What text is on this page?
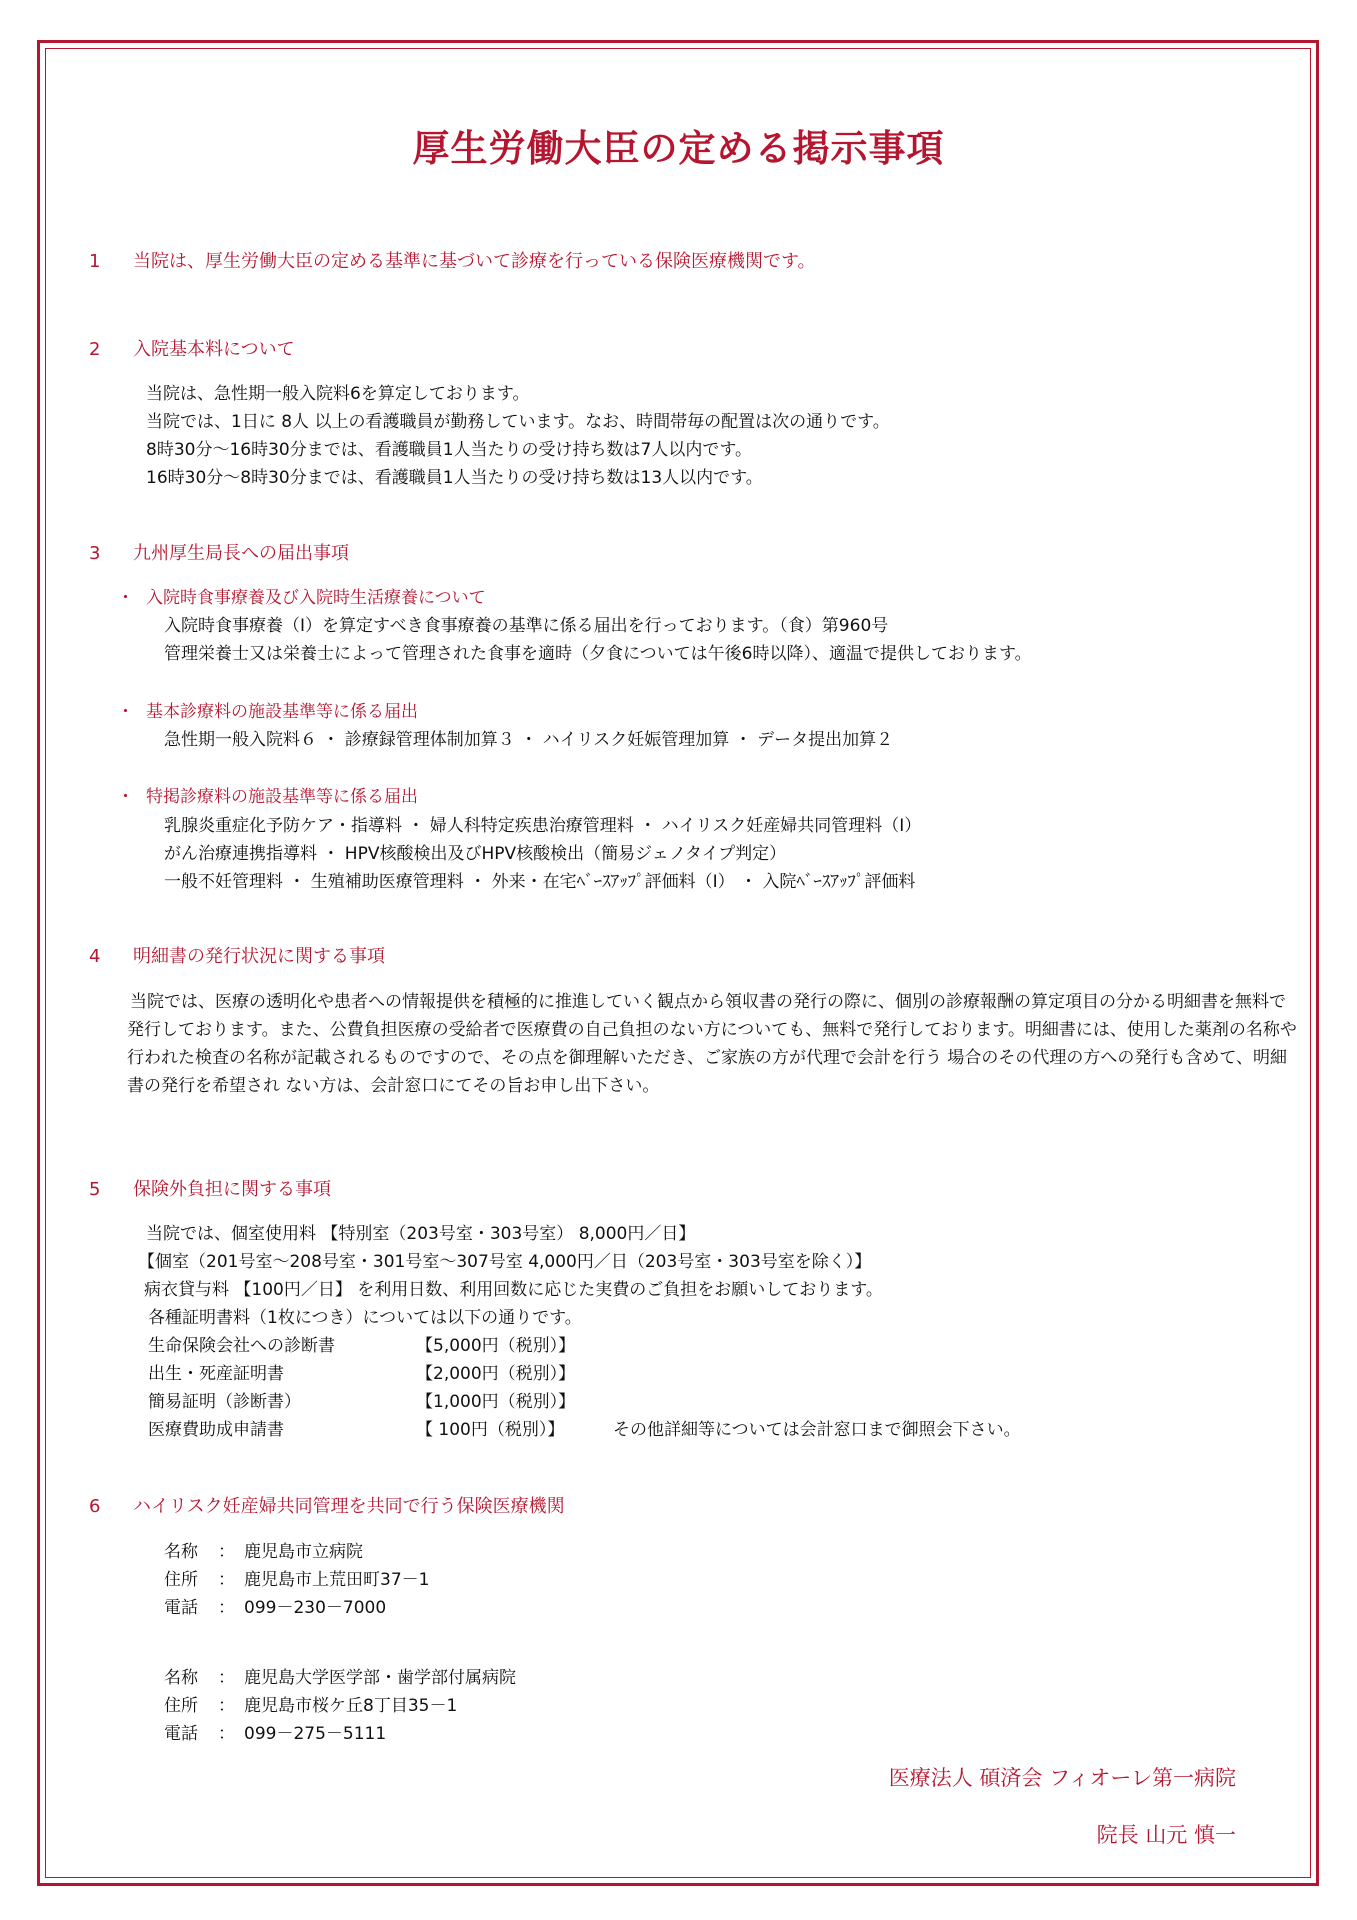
厚生労働大臣の定める掲示事項
1 当院は、厚生労働大臣の定める基準に基づいて診療を行っている保険医療機関です。
2 入院基本料について
当院は、急性期一般入院料6を算定しております。
当院では、1日に 8人 以上の看護職員が勤務しています。なお、時間帯毎の配置は次の通りです。
8時30分～16時30分までは、看護職員1人当たりの受け持ち数は7人以内です。
16時30分～8時30分までは、看護職員1人当たりの受け持ち数は13人以内です。
3 九州厚生局長への届出事項
・ 入院時食事療養及び入院時生活療養について
入院時食事療養（Ⅰ）を算定すべき食事療養の基準に係る届出を行っております。（食）第960号
管理栄養士又は栄養士によって管理された食事を適時（夕食については午後6時以降）、適温で提供しております。
・ 基本診療料の施設基準等に係る届出
急性期一般入院料６ ・ 診療録管理体制加算３ ・ ハイリスク妊娠管理加算 ・ データ提出加算２
・ 特掲診療料の施設基準等に係る届出
乳腺炎重症化予防ケア・指導料 ・ 婦人科特定疾患治療管理料 ・ ハイリスク妊産婦共同管理料（Ⅰ）
がん治療連携指導料 ・ HPV核酸検出及びHPV核酸検出（簡易ジェノタイプ判定）
一般不妊管理料 ・ 生殖補助医療管理料 ・ 外来・在宅ﾍﾞｰｽｱｯﾌﾟ評価料（Ⅰ） ・ 入院ﾍﾞｰｽｱｯﾌﾟ評価料
4 明細書の発行状況に関する事項
当院では、医療の透明化や患者への情報提供を積極的に推進していく観点から領収書の発行の際に、個別の診療報酬の算定項目の分かる明細書を無料で発行しております。また、公費負担医療の受給者で医療費の自己負担のない方についても、無料で発行しております。明細書には、使用した薬剤の名称や行われた検査の名称が記載されるものですので、その点を御理解いただき、ご家族の方が代理で会計を行う 場合のその代理の方への発行も含めて、明細書の発行を希望され ない方は、会計窓口にてその旨お申し出下さい。
5 保険外負担に関する事項
当院では、個室使用料 【特別室（203号室・303号室） 8,000円／日】
【個室（201号室～208号室・301号室～307号室 4,000円／日（203号室・303号室を除く）】
病衣貸与料 【100円／日】 を利用日数、利用回数に応じた実費のご負担をお願いしております。
各種証明書料（1枚につき）については以下の通りです。
生命保険会社への診断書	【5,000円（税別）】
出生・死産証明書	【2,000円（税別）】
簡易証明（診断書）	【1,000円（税別）】
医療費助成申請書	【 100円（税別）】	その他詳細等については会計窓口まで御照会下さい。
6 ハイリスク妊産婦共同管理を共同で行う保険医療機関
名称 ： 鹿児島市立病院
住所 ： 鹿児島市上荒田町37－1
電話 ： 099－230－7000
名称 ： 鹿児島大学医学部・歯学部付属病院
住所 ： 鹿児島市桜ケ丘8丁目35－1
電話 ： 099－275－5111
医療法人 碩済会 フィオーレ第一病院
院長 山元 慎一
